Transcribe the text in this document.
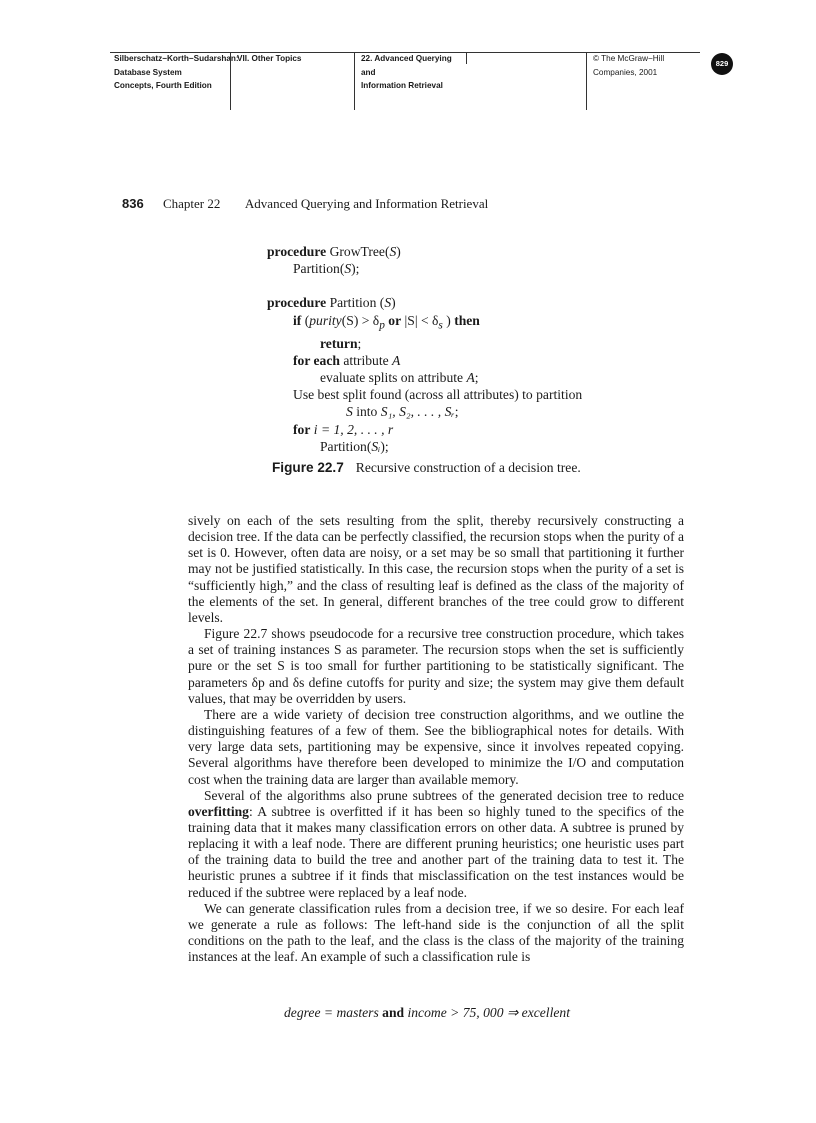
Silberschatz−Korth−Sudarshan:
Database System
Concepts, Fourth Edition
VII. Other Topics	22. Advanced Querying and
Information Retrieval
© The McGraw−Hill
Companies, 2001
829
836 Chapter 22 Advanced Querying and Information Retrieval
procedure GrowTree(S)
Partition(S);
procedure Partition (S)
if (purity(S) > $\delta_p$ or $|S| < \delta_s$ ) then
return;
for each attribute A
evaluate splits on attribute A;
Use best split found (across all attributes) to partition
S into S₁, S₂, . . . , Sᵣ;
for i = 1, 2, . . . , r
Partition(Sᵢ);
Figure 22.7 Recursive construction of a decision tree.

sively on each of the sets resulting from the split, thereby recursively constructing a decision tree. If the data can be perfectly classified, the recursion stops when the purity of a set is 0. However, often data are noisy, or a set may be so small that partitioning it further may not be justified statistically. In this case, the recursion stops when the purity of a set is “sufficiently high,” and the class of resulting leaf is defined as the class of the majority of the elements of the set. In general, different branches of the tree could grow to different levels.

Figure 22.7 shows pseudocode for a recursive tree construction procedure, which takes a set of training instances S as parameter. The recursion stops when the set is sufficiently pure or the set S is too small for further partitioning to be statistically significant. The parameters δp and δs define cutoffs for purity and size; the system may give them default values, that may be overridden by users.

There are a wide variety of decision tree construction algorithms, and we outline the distinguishing features of a few of them. See the bibliographical notes for details. With very large data sets, partitioning may be expensive, since it involves repeated copying. Several algorithms have therefore been developed to minimize the I/O and computation cost when the training data are larger than available memory.

Several of the algorithms also prune subtrees of the generated decision tree to reduce overfitting: A subtree is overfitted if it has been so highly tuned to the specifics of the training data that it makes many classification errors on other data. A subtree is pruned by replacing it with a leaf node. There are different pruning heuristics; one heuristic uses part of the training data to build the tree and another part of the training data to test it. The heuristic prunes a subtree if it finds that misclassification on the test instances would be reduced if the subtree were replaced by a leaf node.

We can generate classification rules from a decision tree, if we so desire. For each leaf we generate a rule as follows: The left-hand side is the conjunction of all the split conditions on the path to the leaf, and the class is the class of the majority of the training instances at the leaf. An example of such a classification rule is

degree = masters and income > 75, 000 ⇒ excellent
